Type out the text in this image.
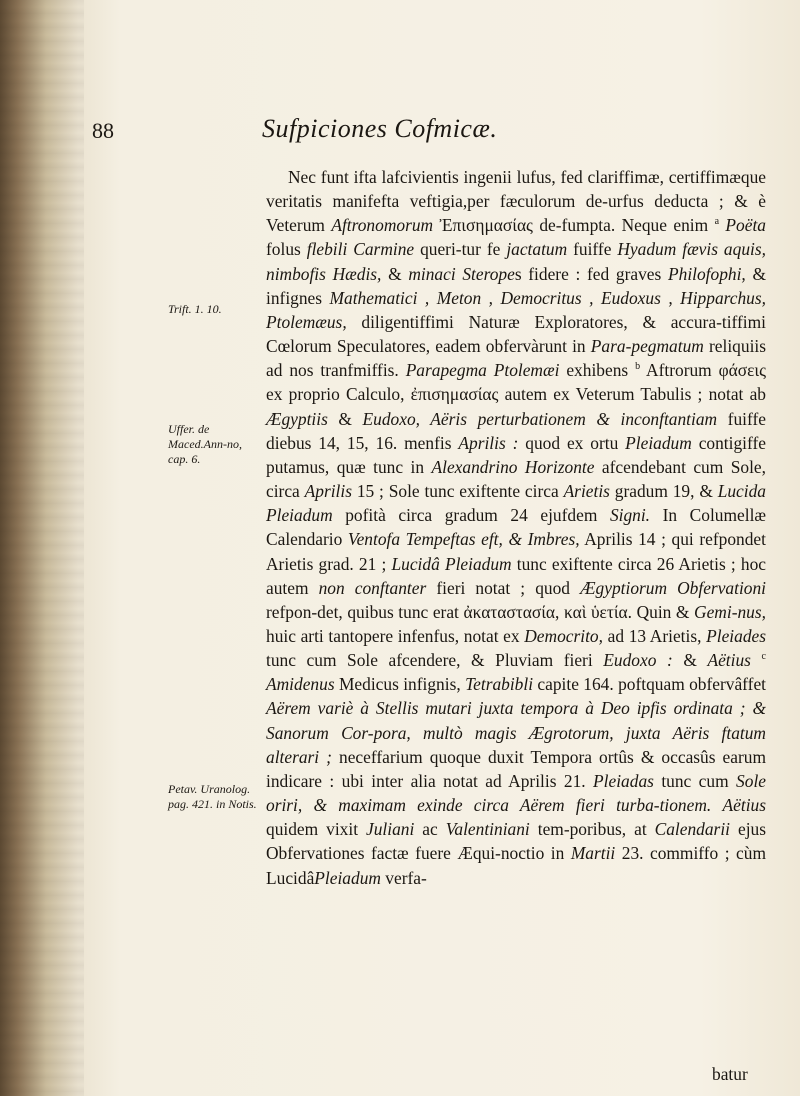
88	Sufpiciones Cofmicæ.
Trift. 1. 10.
Uffer. de Maced.Ann-no, cap. 6.
Petav. Uranolog. pag. 421. in Notis.
Nec funt ifta lafcivientis ingenii lufus, fed clariffimæ, certiffimæque veritatis manifefta veftigia,per fæculorum de-urfus deducta ; & è Veterum Aftronomorum Ἐπισημασίας de-fumpta. Neque enim $^a$ Poëta folus flebili Carmine queri-tur fe jactatum fuiffe Hyadum fævis aquis, nimbofis Hædis, & minaci Steropes fidere : fed graves Philofophi, & infignes Mathematici , Meton , Democritus , Eudoxus , Hipparchus, Ptolemæus, diligentiffimi Naturæ Exploratores, & accura-tiffimi Cœlorum Speculatores, eadem obfervàrunt in Para-pegmatum reliquiis ad nos tranfmiffis. Parapegma Ptolemæi exhibens $^b$ Aftrorum φάσεις ex proprio Calculo, ἐπισημασίας autem ex Veterum Tabulis ; notat ab Ægyptiis & Eudoxo, Aëris perturbationem & inconftantiam fuiffe diebus 14, 15, 16. menfis Aprilis : quod ex ortu Pleiadum contigiffe putamus, quæ tunc in Alexandrino Horizonte afcendebant cum Sole, circa Aprilis 15 ; Sole tunc exiftente circa Arietis gradum 19, & Lucida Pleiadum pofità circa gradum 24 ejufdem Signi. In Columellæ Calendario Ventofa Tempeftas eft, & Imbres, Aprilis 14 ; qui refpondet Arietis grad. 21 ; Lucidâ Pleiadum tunc exiftente circa 26 Arietis ; hoc autem non conftanter fieri notat ; quod Ægyptiorum Obfervationi refpon-det, quibus tunc erat ἀκαταστασία, καὶ ὑετία. Quin & Gemi-nus, huic arti tantopere infenfus, notat ex Democrito, ad 13 Arietis, Pleiades tunc cum Sole afcendere, & Pluviam fieri Eudoxo : & Aëtius $^c$ Amidenus Medicus infignis, Tetrabibli capite 164. poftquam obfervâffet Aërem variè à Stellis mutari juxta tempora à Deo ipfis ordinata ; & Sanorum Cor-pora, multò magis Ægrotorum, juxta Aëris ftatum alterari ; neceffarium quoque duxit Tempora ortûs & occasûs earum indicare : ubi inter alia notat ad Aprilis 21. Pleiadas tunc cum Sole oriri, & maximam exinde circa Aërem fieri turba-tionem. Aëtius quidem vixit Juliani ac Valentiniani tem-poribus, at Calendarii ejus Obfervationes factæ fuere Æqui-noctio in Martii 23. commiffo ; cùm LucidâPleiadum verfa-
batur
